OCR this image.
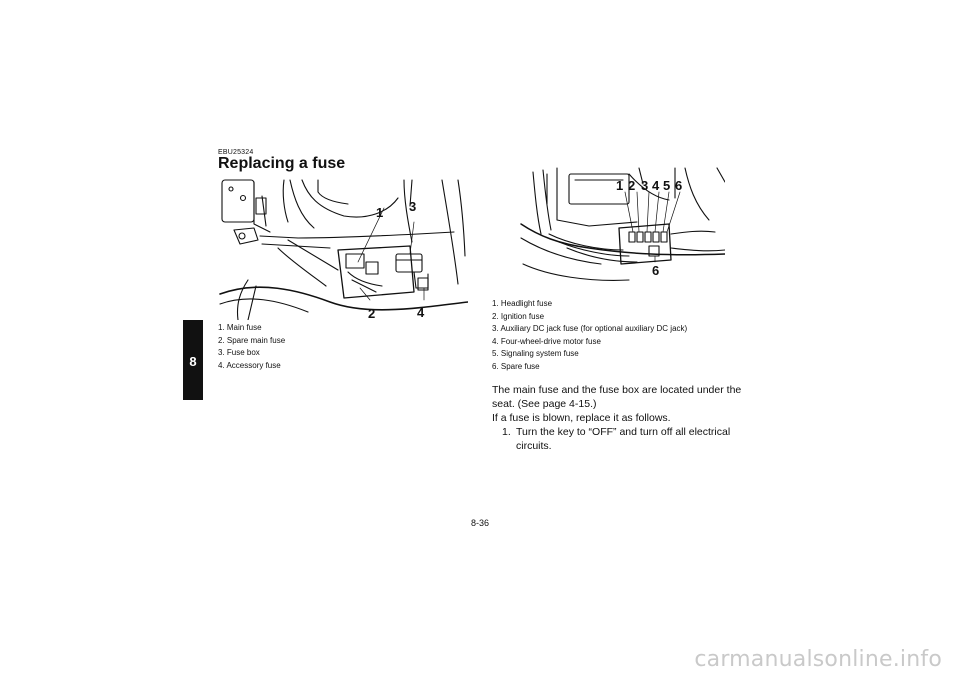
8
EBU25324
Replacing a fuse
1 3
2	4
1. Main fuse
2. Spare main fuse
3. Fuse box
4. Accessory fuse
1 2 3 4 5 6
6
1. Headlight fuse
2. Ignition fuse
3. Auxiliary DC jack fuse (for optional auxiliary DC jack)
4. Four-wheel-drive motor fuse
5. Signaling system fuse
6. Spare fuse

The main fuse and the fuse box are located under the seat. (See page 4-15.)

If a fuse is blown, replace it as follows.

1. Turn the key to “OFF” and turn off all electrical circuits.
8-36
carmanualsonline.info
